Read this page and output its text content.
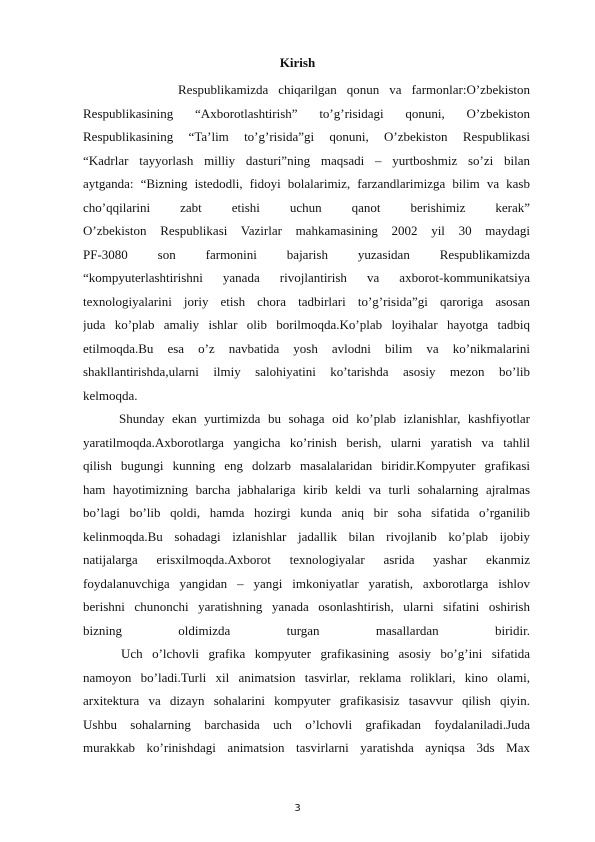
Kirish
Respublikamizda chiqarilgan qonun va farmonlar:O’zbekiston
Respublikasining “Axborotlashtirish” to’g’risidagi qonuni, O’zbekiston
Respublikasining “Ta’lim to’g’risida”gi qonuni, O’zbekiston Respublikasi
“Kadrlar tayyorlash milliy dasturi”ning maqsadi – yurtboshmiz so’zi bilan
aytganda: “Bizning istedodli, fidoyi bolalarimiz, farzandlarimizga bilim va kasb
cho’qqilarini zabt etishi uchun qanot berishimiz kerak”
O’zbekiston Respublikasi Vazirlar mahkamasining 2002 yil 30 maydagi
PF-3080 son farmonini bajarish yuzasidan Respublikamizda
“kompyuterlashtirishni yanada rivojlantirish va axborot-kommunikatsiya
texnologiyalarini joriy etish chora tadbirlari to’g’risida”gi qaroriga asosan
juda ko’plab amaliy ishlar olib borilmoqda.Ko’plab loyihalar hayotga tadbiq
etilmoqda.Bu esa o’z navbatida yosh avlodni bilim va ko’nikmalarini
shakllantirishda,ularni ilmiy salohiyatini ko’tarishda asosiy mezon bo’lib
kelmoqda.
Shunday ekan yurtimizda bu sohaga oid ko’plab izlanishlar, kashfiyotlar
yaratilmoqda.Axborotlarga yangicha ko’rinish berish, ularni yaratish va tahlil
qilish bugungi kunning eng dolzarb masalalaridan biridir.Kompyuter grafikasi
ham hayotimizning barcha jabhalariga kirib keldi va turli sohalarning ajralmas
bo’lagi bo’lib qoldi, hamda hozirgi kunda aniq bir soha sifatida o’rganilib
kelinmoqda.Bu sohadagi izlanishlar jadallik bilan rivojlanib ko’plab ijobiy
natijalarga erisxilmoqda.Axborot texnologiyalar asrida yashar ekanmiz
foydalanuvchiga yangidan – yangi imkoniyatlar yaratish, axborotlarga ishlov
berishni chunonchi yaratishning yanada osonlashtirish, ularni sifatini oshirish
bizning oldimizda turgan masallardan biridir.
Uch o’lchovli grafika kompyuter grafikasining asosiy bo’g’ini sifatida
namoyon bo’ladi.Turli xil animatsion tasvirlar, reklama roliklari, kino olami,
arxitektura va dizayn sohalarini kompyuter grafikasisiz tasavvur qilish qiyin.
Ushbu sohalarning barchasida uch o’lchovli grafikadan foydalaniladi.Juda
murakkab ko’rinishdagi animatsion tasvirlarni yaratishda ayniqsa 3ds Max
3
